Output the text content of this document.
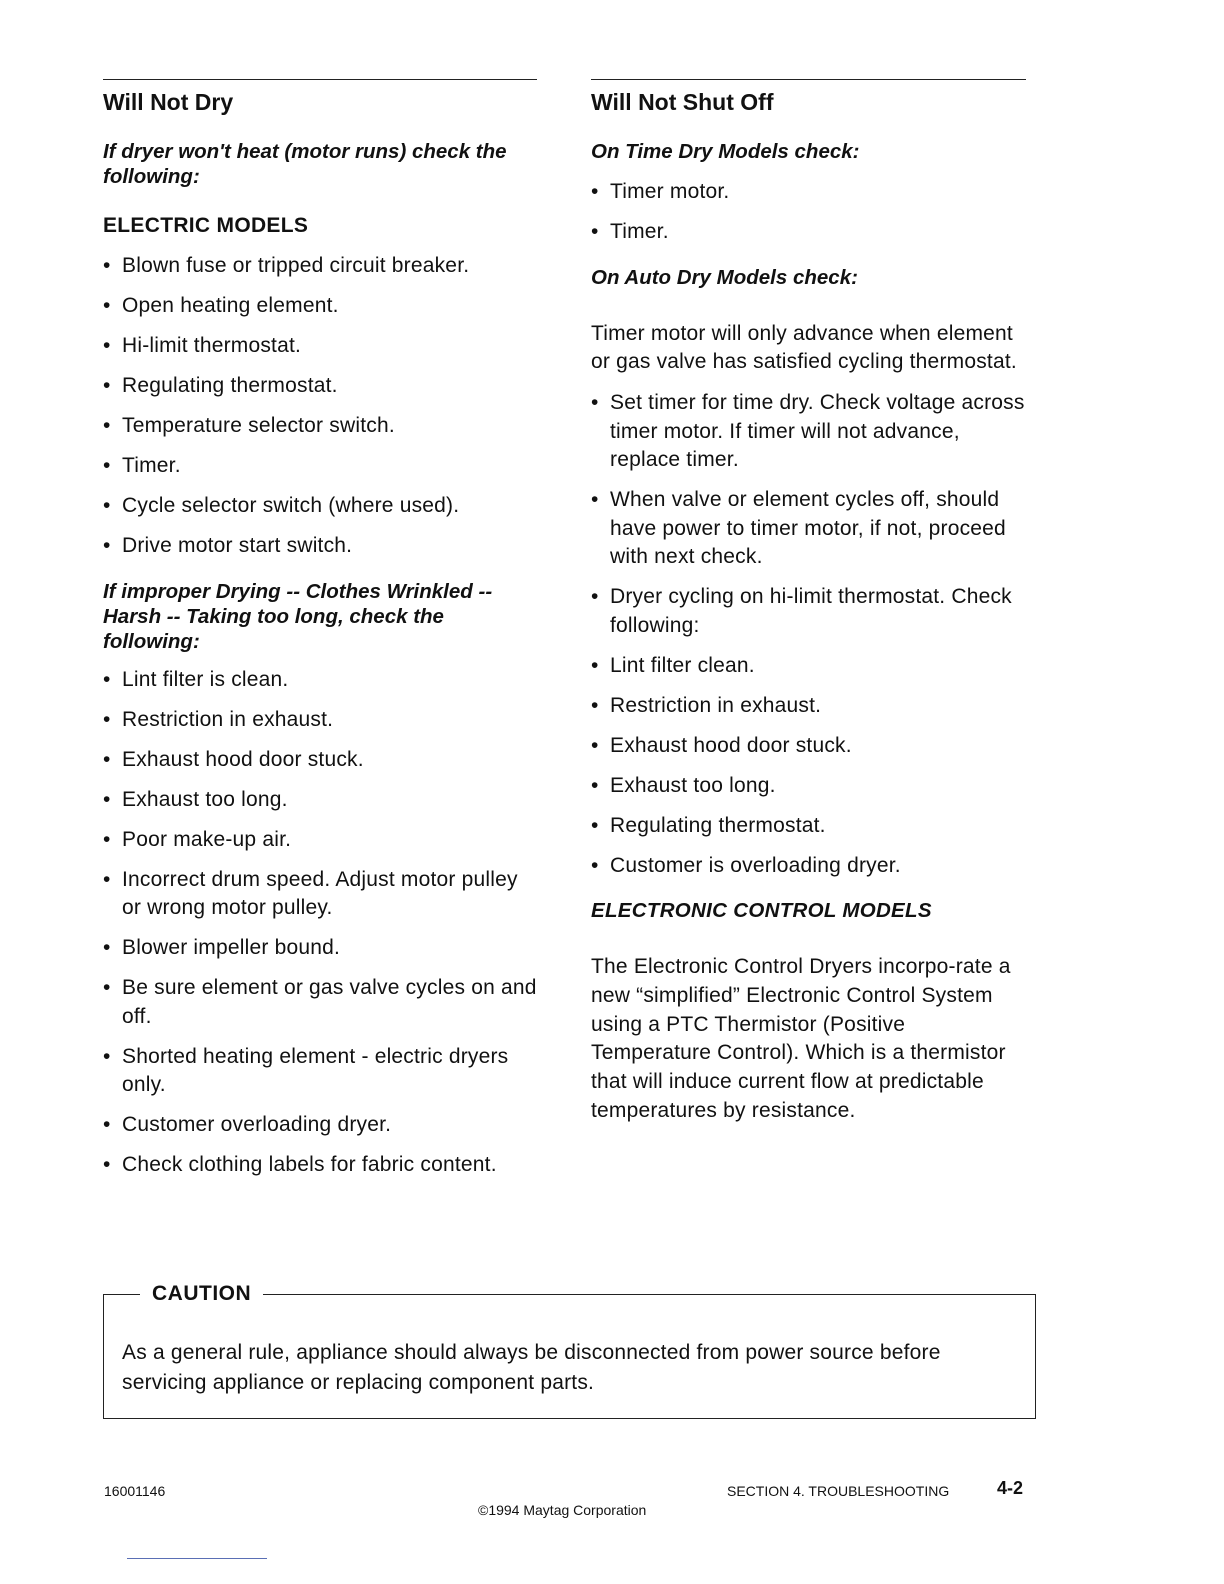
Will Not Dry

If dryer won't heat (motor runs) check the following:

ELECTRIC MODELS

• Blown fuse or tripped circuit breaker.
• Open heating element.
• Hi-limit thermostat.
• Regulating thermostat.
• Temperature selector switch.
• Timer.
• Cycle selector switch (where used).
• Drive motor start switch.

If improper Drying -- Clothes Wrinkled -- Harsh -- Taking too long, check the following:

• Lint filter is clean.
• Restriction in exhaust.
• Exhaust hood door stuck.
• Exhaust too long.
• Poor make-up air.
• Incorrect drum speed. Adjust motor pulley or wrong motor pulley.
• Blower impeller bound.
• Be sure element or gas valve cycles on and off.
• Shorted heating element - electric dryers only.
• Customer overloading dryer.
• Check clothing labels for fabric content.
Will Not Shut Off

On Time Dry Models check:

• Timer motor.
• Timer.

On Auto Dry Models check:

Timer motor will only advance when element or gas valve has satisfied cycling thermostat.

• Set timer for time dry. Check voltage across timer motor. If timer will not advance, replace timer.
• When valve or element cycles off, should have power to timer motor, if not, proceed with next check.
• Dryer cycling on hi-limit thermostat. Check following:
• Lint filter clean.
• Restriction in exhaust.
• Exhaust hood door stuck.
• Exhaust too long.
• Regulating thermostat.
• Customer is overloading dryer.

ELECTRONIC CONTROL MODELS

The Electronic Control Dryers incorpo-rate a new “simplified” Electronic Control System using a PTC Thermistor (Positive Temperature Control). Which is a thermistor that will induce current flow at predictable temperatures by resistance.

CAUTION
As a general rule, appliance should always be disconnected from power source before servicing appliance or replacing component parts.
16001146
©1994 Maytag Corporation
SECTION 4. TROUBLESHOOTING	4-2
